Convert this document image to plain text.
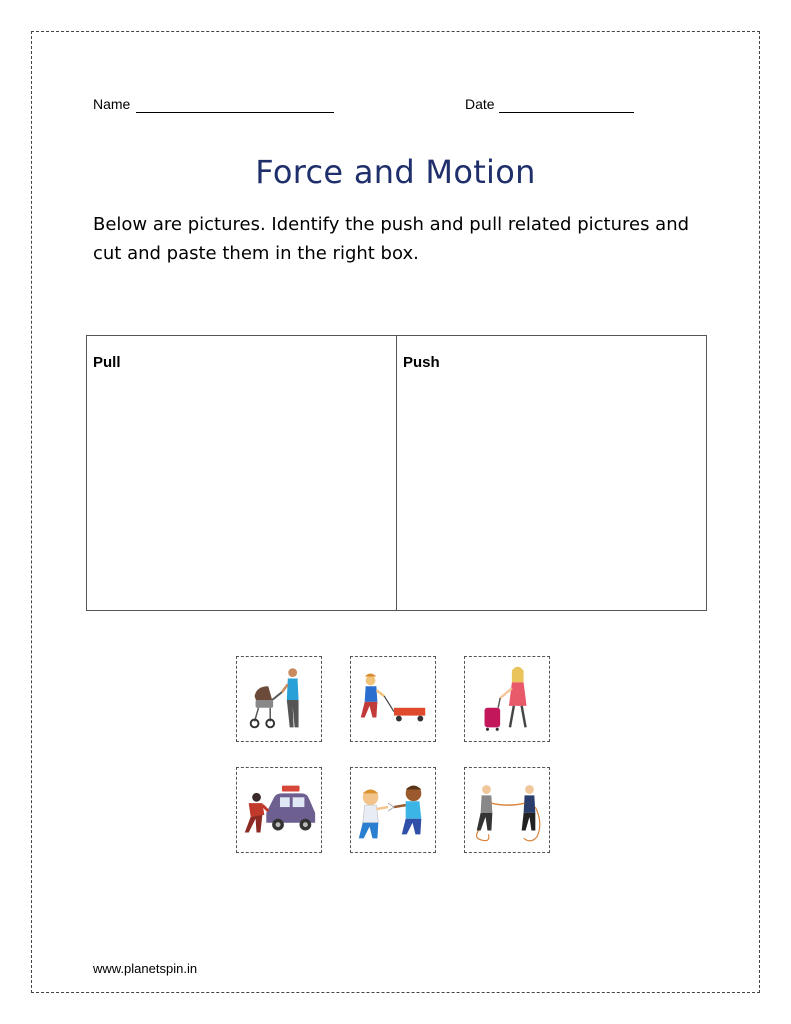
Name	Date
Force and Motion
Below are pictures. Identify the push and pull related pictures and cut and paste them in the right box.
Pull	Push
www.planetspin.in
